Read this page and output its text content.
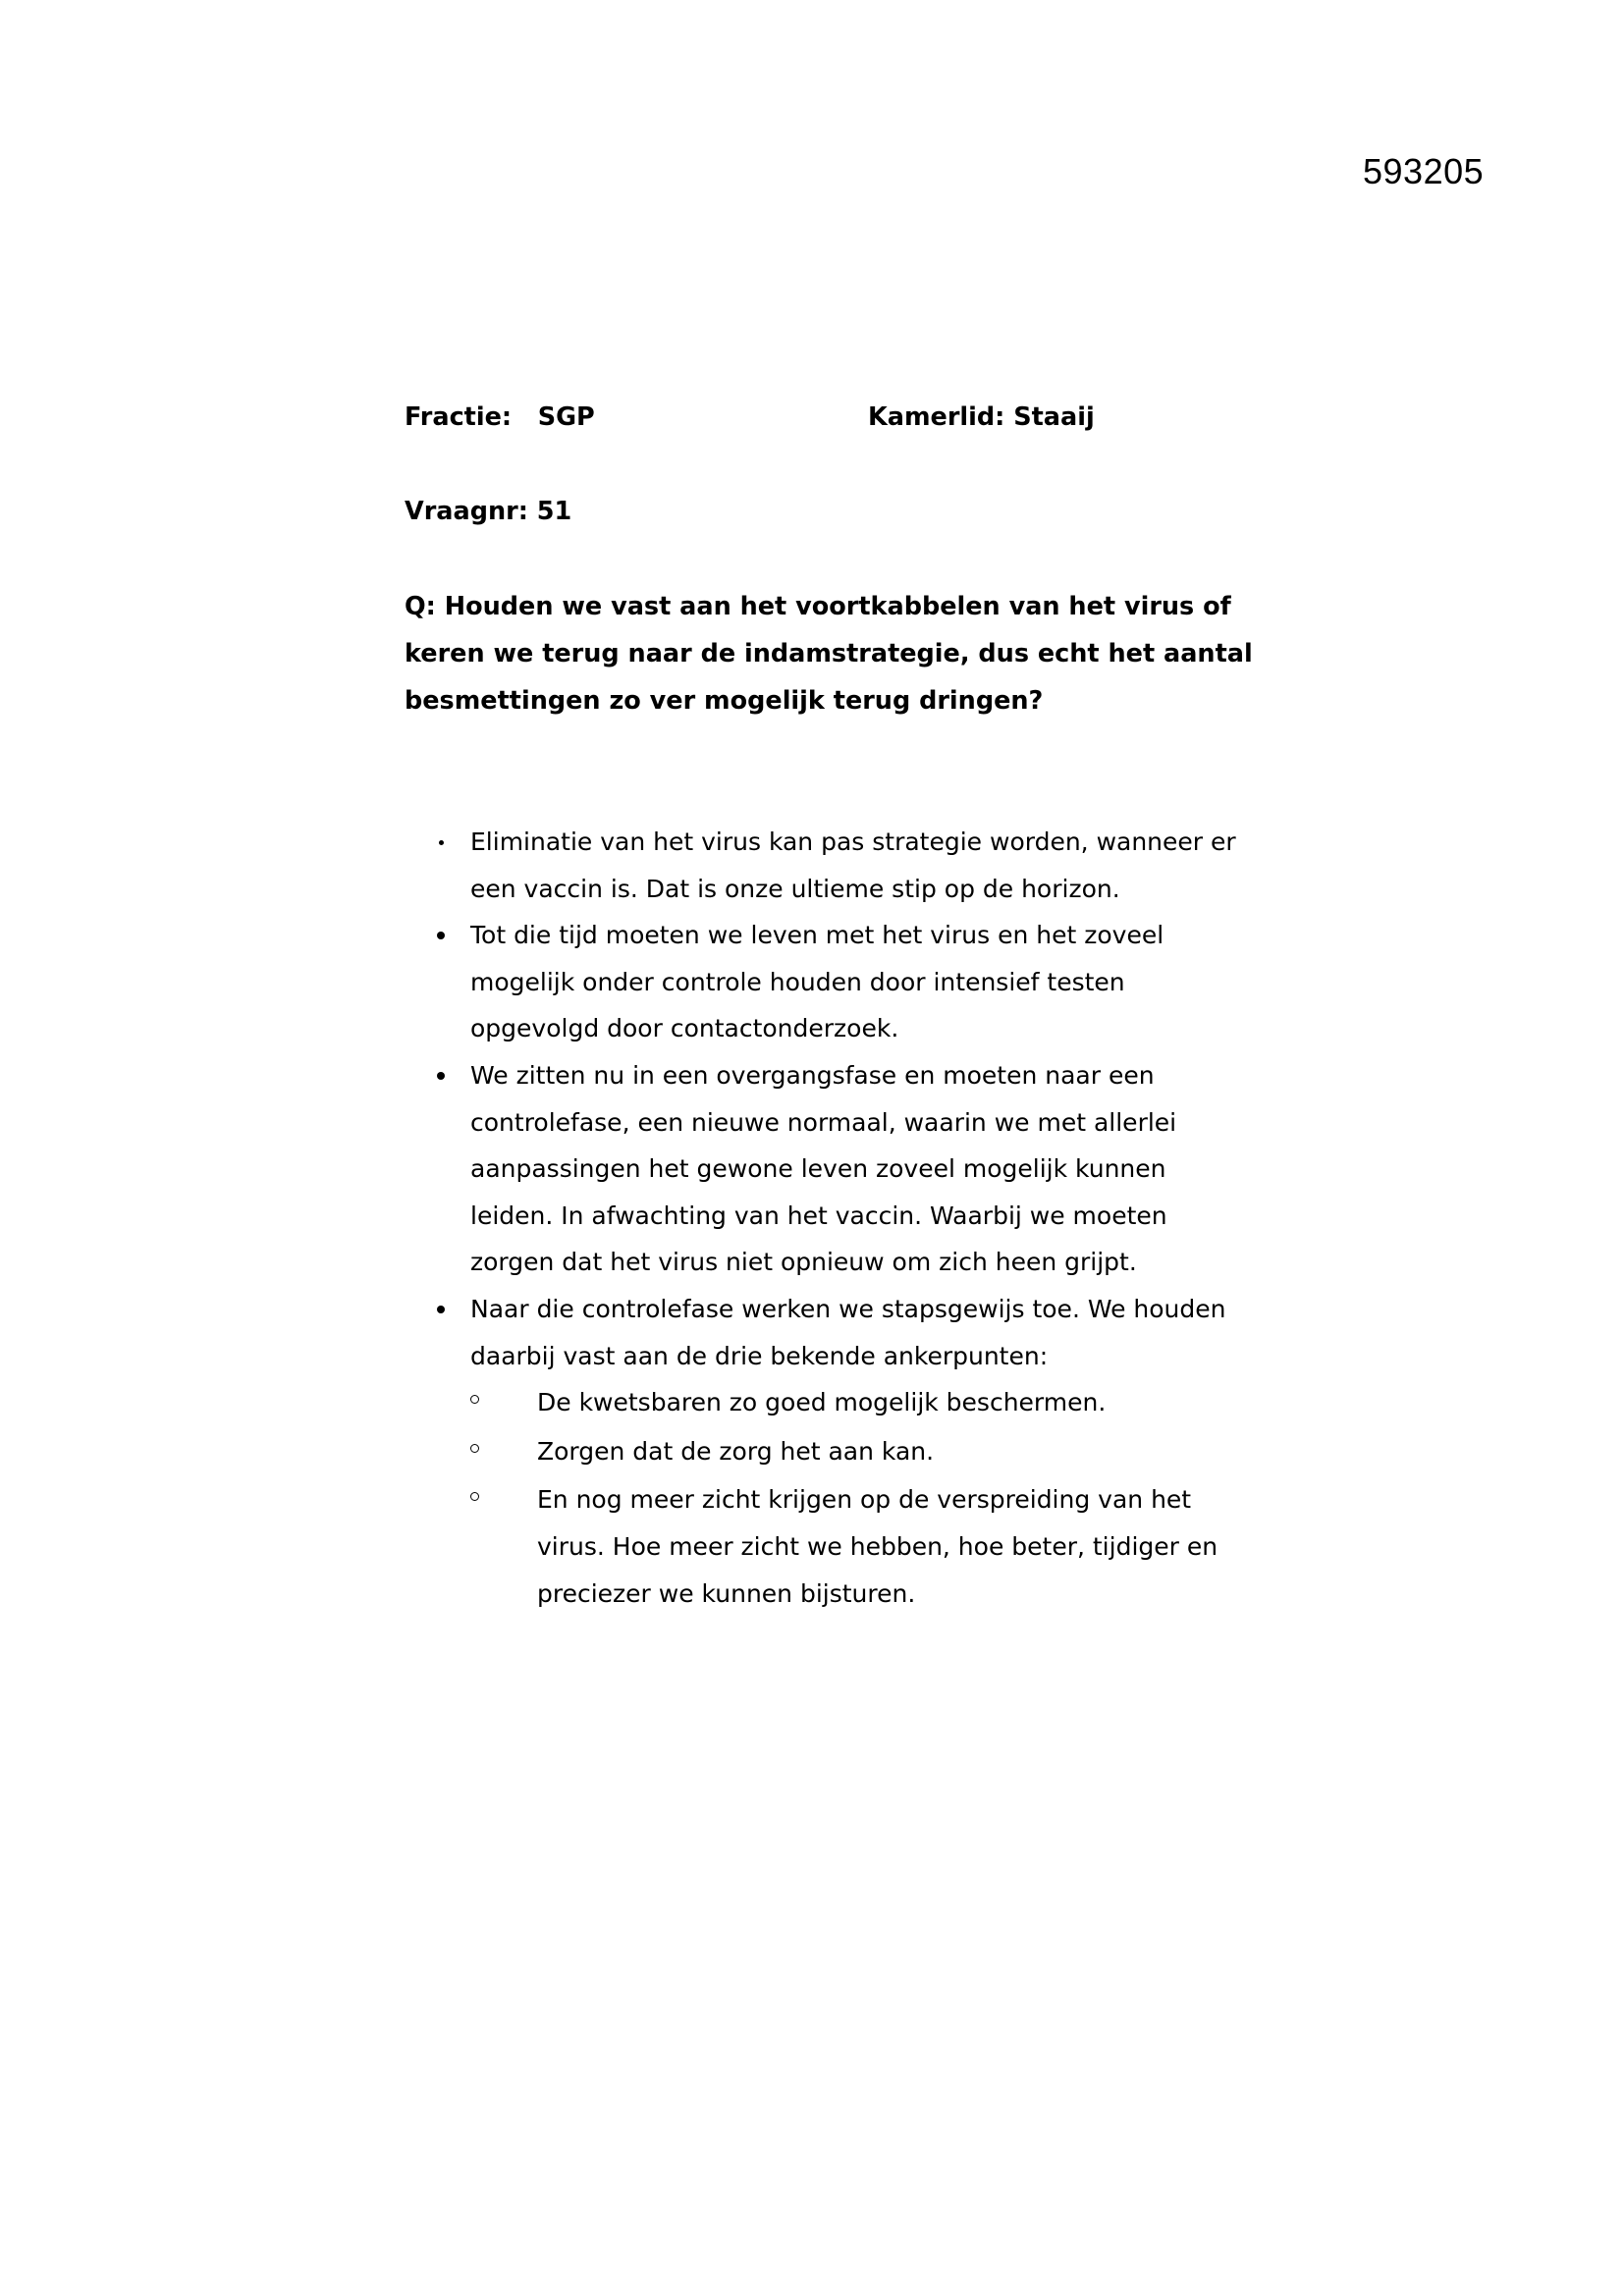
593205
Fractie: SGP	Kamerlid: Staaij
Vraagnr: 51
Q: Houden we vast aan het voortkabbelen van het virus of keren we terug naar de indamstrategie, dus echt het aantal besmettingen zo ver mogelijk terug dringen?
Eliminatie van het virus kan pas strategie worden, wanneer er een vaccin is. Dat is onze ultieme stip op de horizon.
Tot die tijd moeten we leven met het virus en het zoveel mogelijk onder controle houden door intensief testen opgevolgd door contactonderzoek.
We zitten nu in een overgangsfase en moeten naar een controlefase, een nieuwe normaal, waarin we met allerlei aanpassingen het gewone leven zoveel mogelijk kunnen leiden. In afwachting van het vaccin. Waarbij we moeten zorgen dat het virus niet opnieuw om zich heen grijpt.
Naar die controlefase werken we stapsgewijs toe. We houden daarbij vast aan de drie bekende ankerpunten:
De kwetsbaren zo goed mogelijk beschermen.
Zorgen dat de zorg het aan kan.
En nog meer zicht krijgen op de verspreiding van het virus. Hoe meer zicht we hebben, hoe beter, tijdiger en preciezer we kunnen bijsturen.
